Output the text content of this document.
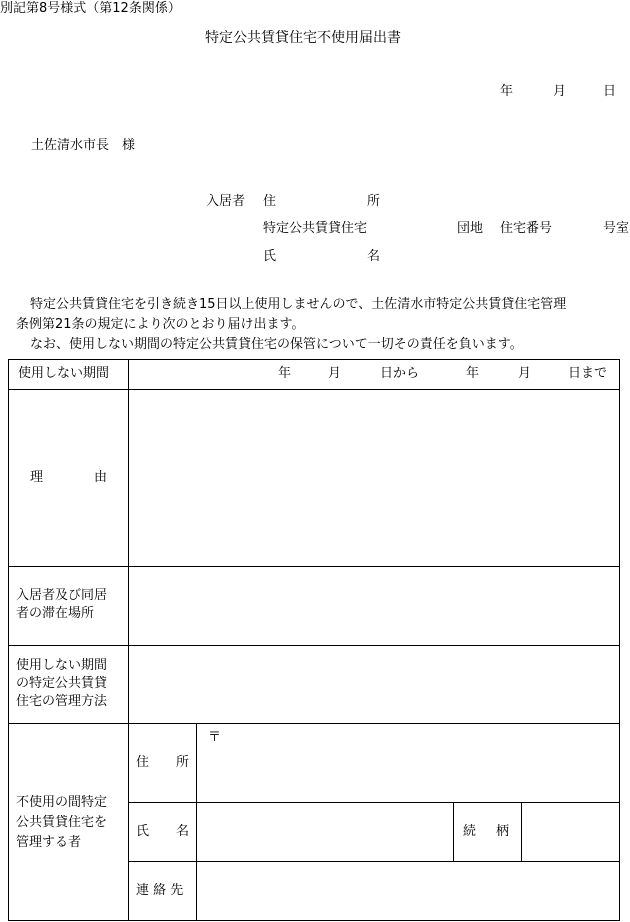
別記第8号様式（第12条関係）
特定公共賃貸住宅不使用届出書
年	月	日
土佐清水市長　様
入居者 住	所
特定公共賃貸住宅	団地 住宅番号	号室
氏	名
特定公共賃貸住宅を引き続き15日以上使用しませんので、土佐清水市特定公共賃貸住宅管理
条例第21条の規定により次のとおり届け出ます。
なお、使用しない期間の特定公共賃貸住宅の保管について一切その責任を負います。
使用しない期間	年	月	日から	年	月	日まで
理	由
入居者及び同居
者の滞在場所
使用しない期間
の特定公共賃貸
住宅の管理方法
不使用の間特定
公共賃貸住宅を
管理する者
住 所
〒
氏 名	続 柄
連 絡 先
